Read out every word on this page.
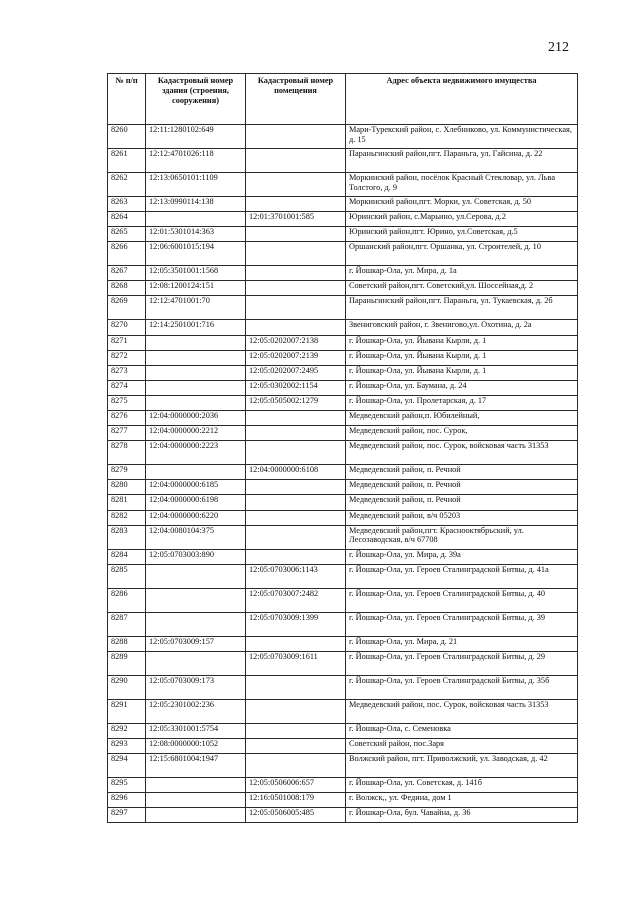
212
№ п/п	Кадастровый номер здания (строения, сооружения)	Кадастровый номер помещения	Адрес объекта недвижимого имущества
8260	12:11:1280102:649		Мари-Турекский район, с. Хлебниково, ул. Коммунистическая, д. 15
8261	12:12:4701026:118		Параньгинский район,пгт. Параньга, ул. Гайсина, д. 22
8262	12:13:0650101:1109		Моркинский район, посёлок Красный Стекловар, ул. Льва Толстого, д. 9
8263	12:13:0990114:138		Моркинский район,пгт. Морки, ул. Советская, д. 50
8264		12:01:3701001:585	Юринский район, с.Марьино, ул.Серова, д.2
8265	12:01:5301014:363		Юринский район,пгт. Юрино, ул.Советская, д.5
8266	12:06:6001015:194		Оршанский район,пгт. Оршанка, ул. Строителей, д. 10
8267	12:05:3501001:1568		г. Йошкар-Ола, ул. Мира, д. 1а
8268	12:08:1200124:151		Советский район,пгт. Советский,ул. Шоссейная,д. 2
8269	12:12:4701001:70		Параньгинский район,пгт. Параньга, ул. Тукаевская, д. 2б
8270	12:14:2501001:716		Звениговский район, г. Звенигово,ул. Охотина, д. 2а
8271		12:05:0202007:2138	г. Йошкар-Ола, ул. Йывана Кырли, д. 1
8272		12:05:0202007:2139	г. Йошкар-Ола, ул. Йывана Кырли, д. 1
8273		12:05:0202007:2495	г. Йошкар-Ола, ул. Йывана Кырли, д. 1
8274		12:05:0302002:1154	г. Йошкар-Ола, ул. Баумана, д. 24
8275		12:05:0505002:1279	г. Йошкар-Ола, ул. Пролетарская, д. 17
8276	12:04:0000000:2036		Медведевский район,п. Юбилейный,
8277	12:04:0000000:2212		Медведевский район, пос. Сурок,
8278	12:04:0000000:2223		Медведевский район, пос. Сурок, войсковая часть 31353
8279		12:04:0000000:6108	Медведевский район, п. Речной
8280	12:04:0000000:6185		Медведевский район, п. Речной
8281	12:04:0000000:6198		Медведевский район, п. Речной
8282	12:04:0000000:6220		Медведевский район, в/ч 05203
8283	12:04:0080104:375		Медведевский район,пгт. Краснооктябрьский, ул. Лесозаводская, в/ч 67708
8284	12:05:0703003:890		г. Йошкар-Ола, ул. Мира, д. 39а
8285		12:05:0703006:1143	г. Йошкар-Ола, ул. Героев Сталинградской Битвы, д. 41а
8286		12:05:0703007:2482	г. Йошкар-Ола, ул. Героев Сталинградской Битвы, д. 40
8287		12:05:0703009:1399	г. Йошкар-Ола, ул. Героев Сталинградской Битвы, д. 39
8288	12:05:0703009:157		г. Йошкар-Ола, ул. Мира, д. 21
8289		12:05:0703009:1611	г. Йошкар-Ола, ул. Героев Сталинградской Битвы, д. 29
8290	12:05:0703009:173		г. Йошкар-Ола, ул. Героев Сталинградской Битвы, д. 35б
8291	12:05:2301002:236		Медведевский район, пос. Сурок, войсковая часть 31353
8292	12:05:3301001:5754		г. Йошкар-Ола, с. Семеновка
8293	12:08:0000000:1052		Советский район, пос.Заря
8294	12:15:6801004:1947		Волжский район, пгт. Приволжский, ул. Заводская, д. 42
8295		12:05:0506006:657	г. Йошкар-Ола, ул. Советская, д. 141б
8296		12:16:0501008:179	г. Волжск,, ул. Федина, дом 1
8297		12:05:0506005:485	г. Йошкар-Ола, бул. Чавайна, д. 36
